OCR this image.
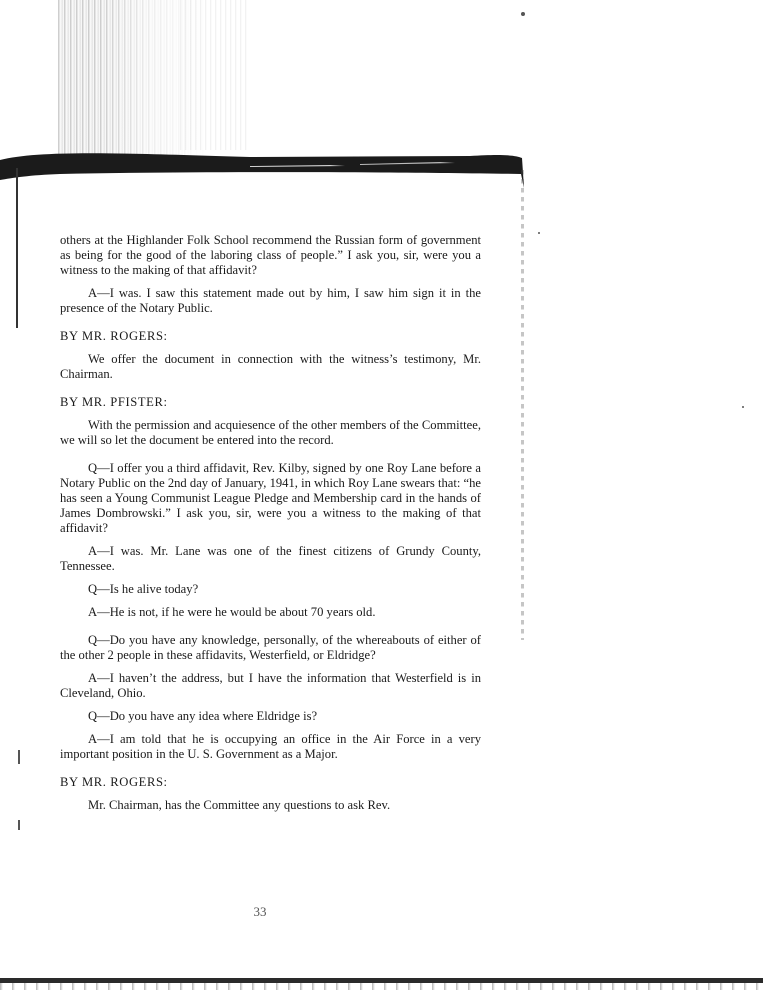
others at the Highlander Folk School recommend the Russian form of government as being for the good of the laboring class of people.” I ask you, sir, were you a witness to the making of that affidavit?

A—I was. I saw this statement made out by him, I saw him sign it in the presence of the Notary Public.

BY MR. ROGERS:

We offer the document in connection with the witness’s testimony, Mr. Chairman.

BY MR. PFISTER:

With the permission and acquiesence of the other members of the Committee, we will so let the document be entered into the record.

Q—I offer you a third affidavit, Rev. Kilby, signed by one Roy Lane before a Notary Public on the 2nd day of January, 1941, in which Roy Lane swears that: “he has seen a Young Communist League Pledge and Membership card in the hands of James Dombrowski.” I ask you, sir, were you a witness to the making of that affidavit?

A—I was. Mr. Lane was one of the finest citizens of Grundy County, Tennessee.

Q—Is he alive today?

A—He is not, if he were he would be about 70 years old.

Q—Do you have any knowledge, personally, of the whereabouts of either of the other 2 people in these affidavits, Westerfield, or Eldridge?

A—I haven’t the address, but I have the information that Westerfield is in Cleveland, Ohio.

Q—Do you have any idea where Eldridge is?

A—I am told that he is occupying an office in the Air Force in a very important position in the U. S. Government as a Major.

BY MR. ROGERS:

Mr. Chairman, has the Committee any questions to ask Rev.

33
